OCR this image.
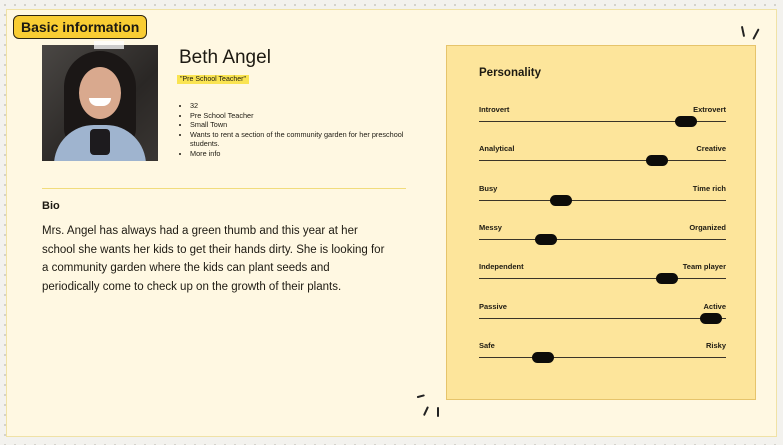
Basic information
Beth Angel
"Pre School Teacher"
• 32
• Pre School Teacher
• Small Town
• Wants to rent a section of the community garden for her preschool students.
• More info
Bio
Mrs. Angel has always had a green thumb and this year at her school she wants her kids to get their hands dirty. She is looking for a community garden where the kids can plant seeds and periodically come to check up on the growth of their plants.
Personality
Introvert	Extrovert
Analytical	Creative
Busy	Time rich
Messy	Organized
Independent	Team player
Passive	Active
Safe	Risky
